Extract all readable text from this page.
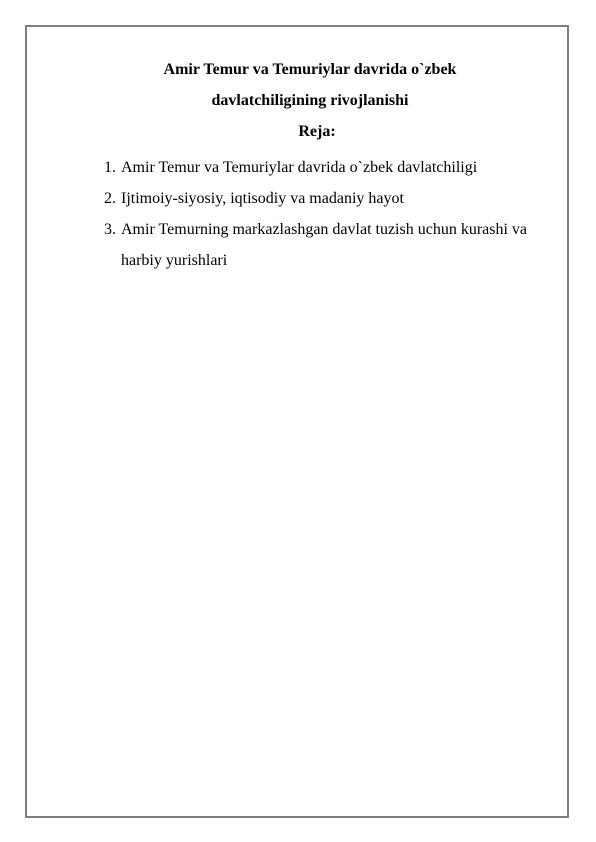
Amir Temur va Temuriylar davrida o`zbek
davlatchiligining rivojlanishi
Reja:
1. Amir Temur va Temuriylar davrida o`zbek davlatchiligi
2. Ijtimoiy-siyosiy, iqtisodiy va madaniy hayot
3. Amir Temurning markazlashgan davlat tuzish uchun kurashi va harbiy yurishlari
